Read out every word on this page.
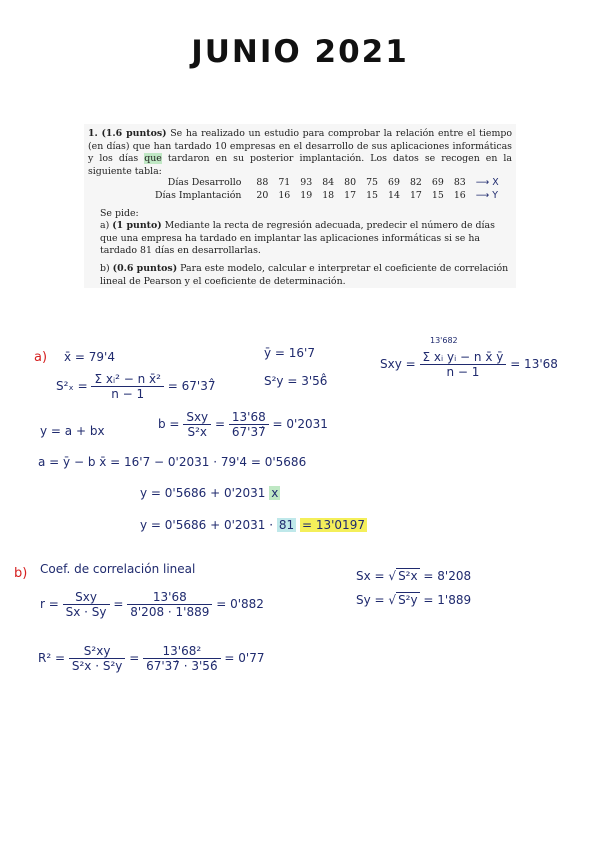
JUNIO 2021
1. (1.6 puntos) Se ha realizado un estudio para comprobar la relación entre el tiempo (en días) que han tardado 10 empresas en el desarrollo de sus aplicaciones informáticas y los días que tardaron en su posterior implantación. Los datos se recogen en la siguiente tabla:
Días Desarrollo	88	71	93	84	80	75	69	82	69	83	⟶ X
Días Implantación	20	16	19	18	17	15	14	17	15	16	⟶ Y
Se pide:
a) (1 punto) Mediante la recta de regresión adecuada, predecir el número de días que una empresa ha tardado en implantar las aplicaciones informáticas si se ha tardado 81 días en desarrollarlas.
b) (0.6 puntos) Para este modelo, calcular e interpretar el coeficiente de correlación lineal de Pearson y el coeficiente de determinación.
a) x̄ = 79'4	ȳ = 16'7
13'682
Sxy = $\frac{\text{Σ xᵢ yᵢ − n x̄ ȳ}}{n - 1} = 13'68$
$S^2_x = \frac{\text{Σ xᵢ² − n x̄²}}{n - 1}$ = 67'37̂	S²y = 3'56̂
y = a + bx	$b = \frac{\text{Sxy}}{\text{S²x}} = \frac{13'68}{67'37̂} = 0'2031$
a = ȳ − b x̄ = 16'7 − 0'2031 · 79'4 = 0'5686
y = 0'5686 + 0'2031 x
y = 0'5686 + 0'2031 · 81 = 13'0197
b) Coef. de correlación lineal	Sx = √ S²x = 8'208
Sy = √ S²y = 1'889
$r = \frac{\text{Sxy}}{Sx \cdot Sy} = \frac{13'68}{8'208 \cdot 1'889} = 0'882$
$R^2 = \frac{\text{S²xy}}{\text{S²x · S²y}} = \frac{\text{13'68²}}{67'37̂ \cdot 3'56̂} = 0'77$
